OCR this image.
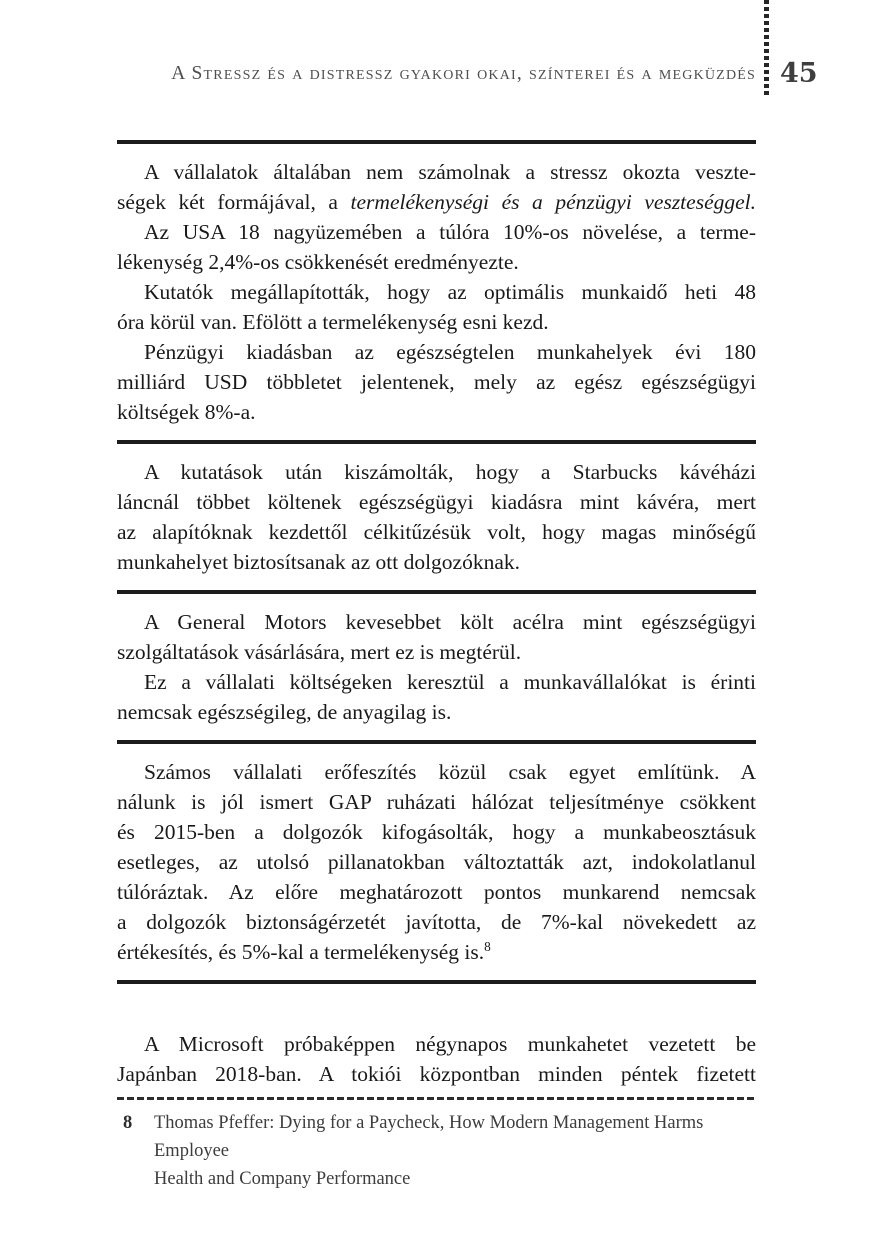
A Stressz és a distressz gyakori okai, színterei és a megküzdés 45
A vállalatok általában nem számolnak a stressz okozta veszte-
ségek két formájával, a termelékenységi és a pénzügyi veszteséggel.
Az USA 18 nagyüzemében a túlóra 10%-os növelése, a terme-
lékenység 2,4%-os csökkenését eredményezte.
Kutatók megállapították, hogy az optimális munkaidő heti 48
óra körül van. Efölött a termelékenység esni kezd.
Pénzügyi kiadásban az egészségtelen munkahelyek évi 180
milliárd USD többletet jelentenek, mely az egész egészségügyi
költségek 8%-a.
A kutatások után kiszámolták, hogy a Starbucks kávéházi
láncnál többet költenek egészségügyi kiadásra mint kávéra, mert
az alapítóknak kezdettől célkitűzésük volt, hogy magas minőségű
munkahelyet biztosítsanak az ott dolgozóknak.
A General Motors kevesebbet költ acélra mint egészségügyi
szolgáltatások vásárlására, mert ez is megtérül.
Ez a vállalati költségeken keresztül a munkavállalókat is érinti
nemcsak egészségileg, de anyagilag is.
Számos vállalati erőfeszítés közül csak egyet említünk. A
nálunk is jól ismert GAP ruházati hálózat teljesítménye csökkent
és 2015-ben a dolgozók kifogásolták, hogy a munkabeosztásuk
esetleges, az utolsó pillanatokban változtatták azt, indokolatlanul
túlóráztak. Az előre meghatározott pontos munkarend nemcsak
a dolgozók biztonságérzetét javította, de 7%-kal növekedett az
értékesítés, és 5%-kal a termelékenység is.$^8$
A Microsoft próbaképpen négynapos munkahetet vezetett be
Japánban 2018-ban. A tokiói központban minden péntek fizetett
8	Thomas Pfeffer: Dying for a Paycheck, How Modern Management Harms Employee
Health and Company Performance
